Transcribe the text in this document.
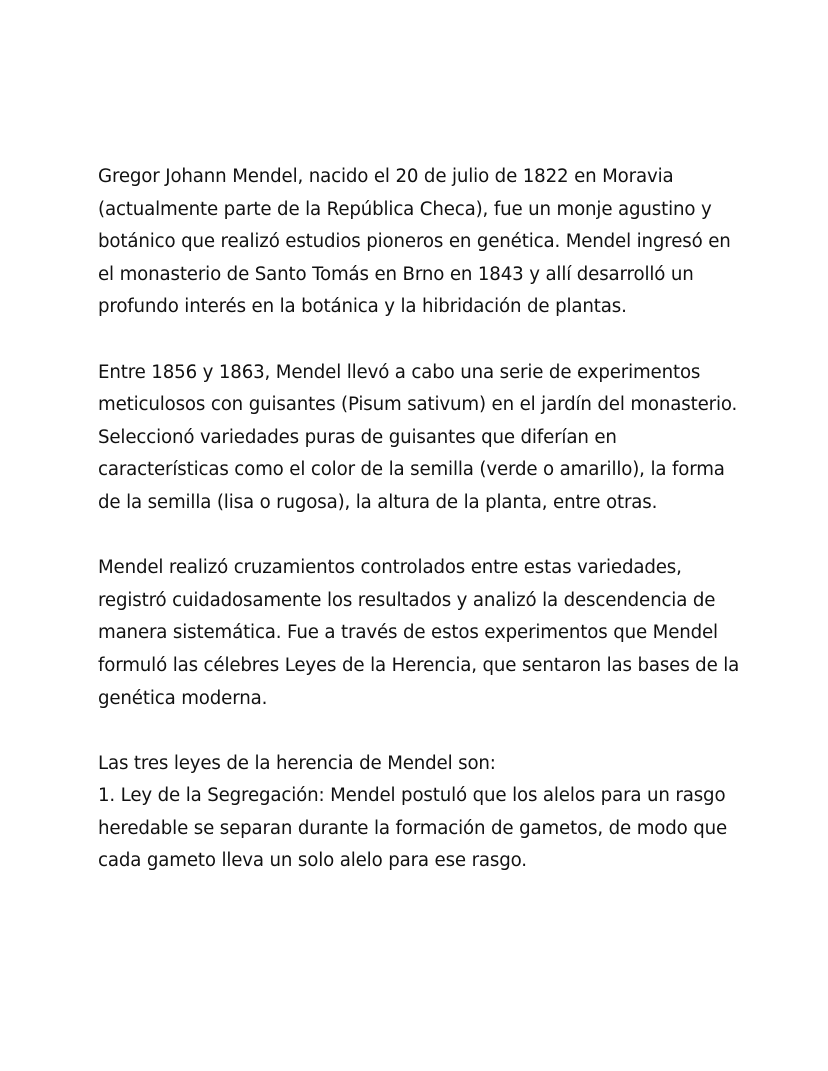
Gregor Johann Mendel, nacido el 20 de julio de 1822 en Moravia (actualmente parte de la República Checa), fue un monje agustino y botánico que realizó estudios pioneros en genética. Mendel ingresó en el monasterio de Santo Tomás en Brno en 1843 y allí desarrolló un profundo interés en la botánica y la hibridación de plantas.

Entre 1856 y 1863, Mendel llevó a cabo una serie de experimentos meticulosos con guisantes (Pisum sativum) en el jardín del monasterio. Seleccionó variedades puras de guisantes que diferían en características como el color de la semilla (verde o amarillo), la forma de la semilla (lisa o rugosa), la altura de la planta, entre otras.

Mendel realizó cruzamientos controlados entre estas variedades, registró cuidadosamente los resultados y analizó la descendencia de manera sistemática. Fue a través de estos experimentos que Mendel formuló las célebres Leyes de la Herencia, que sentaron las bases de la genética moderna.

Las tres leyes de la herencia de Mendel son:

1. Ley de la Segregación: Mendel postuló que los alelos para un rasgo heredable se separan durante la formación de gametos, de modo que cada gameto lleva un solo alelo para ese rasgo.
